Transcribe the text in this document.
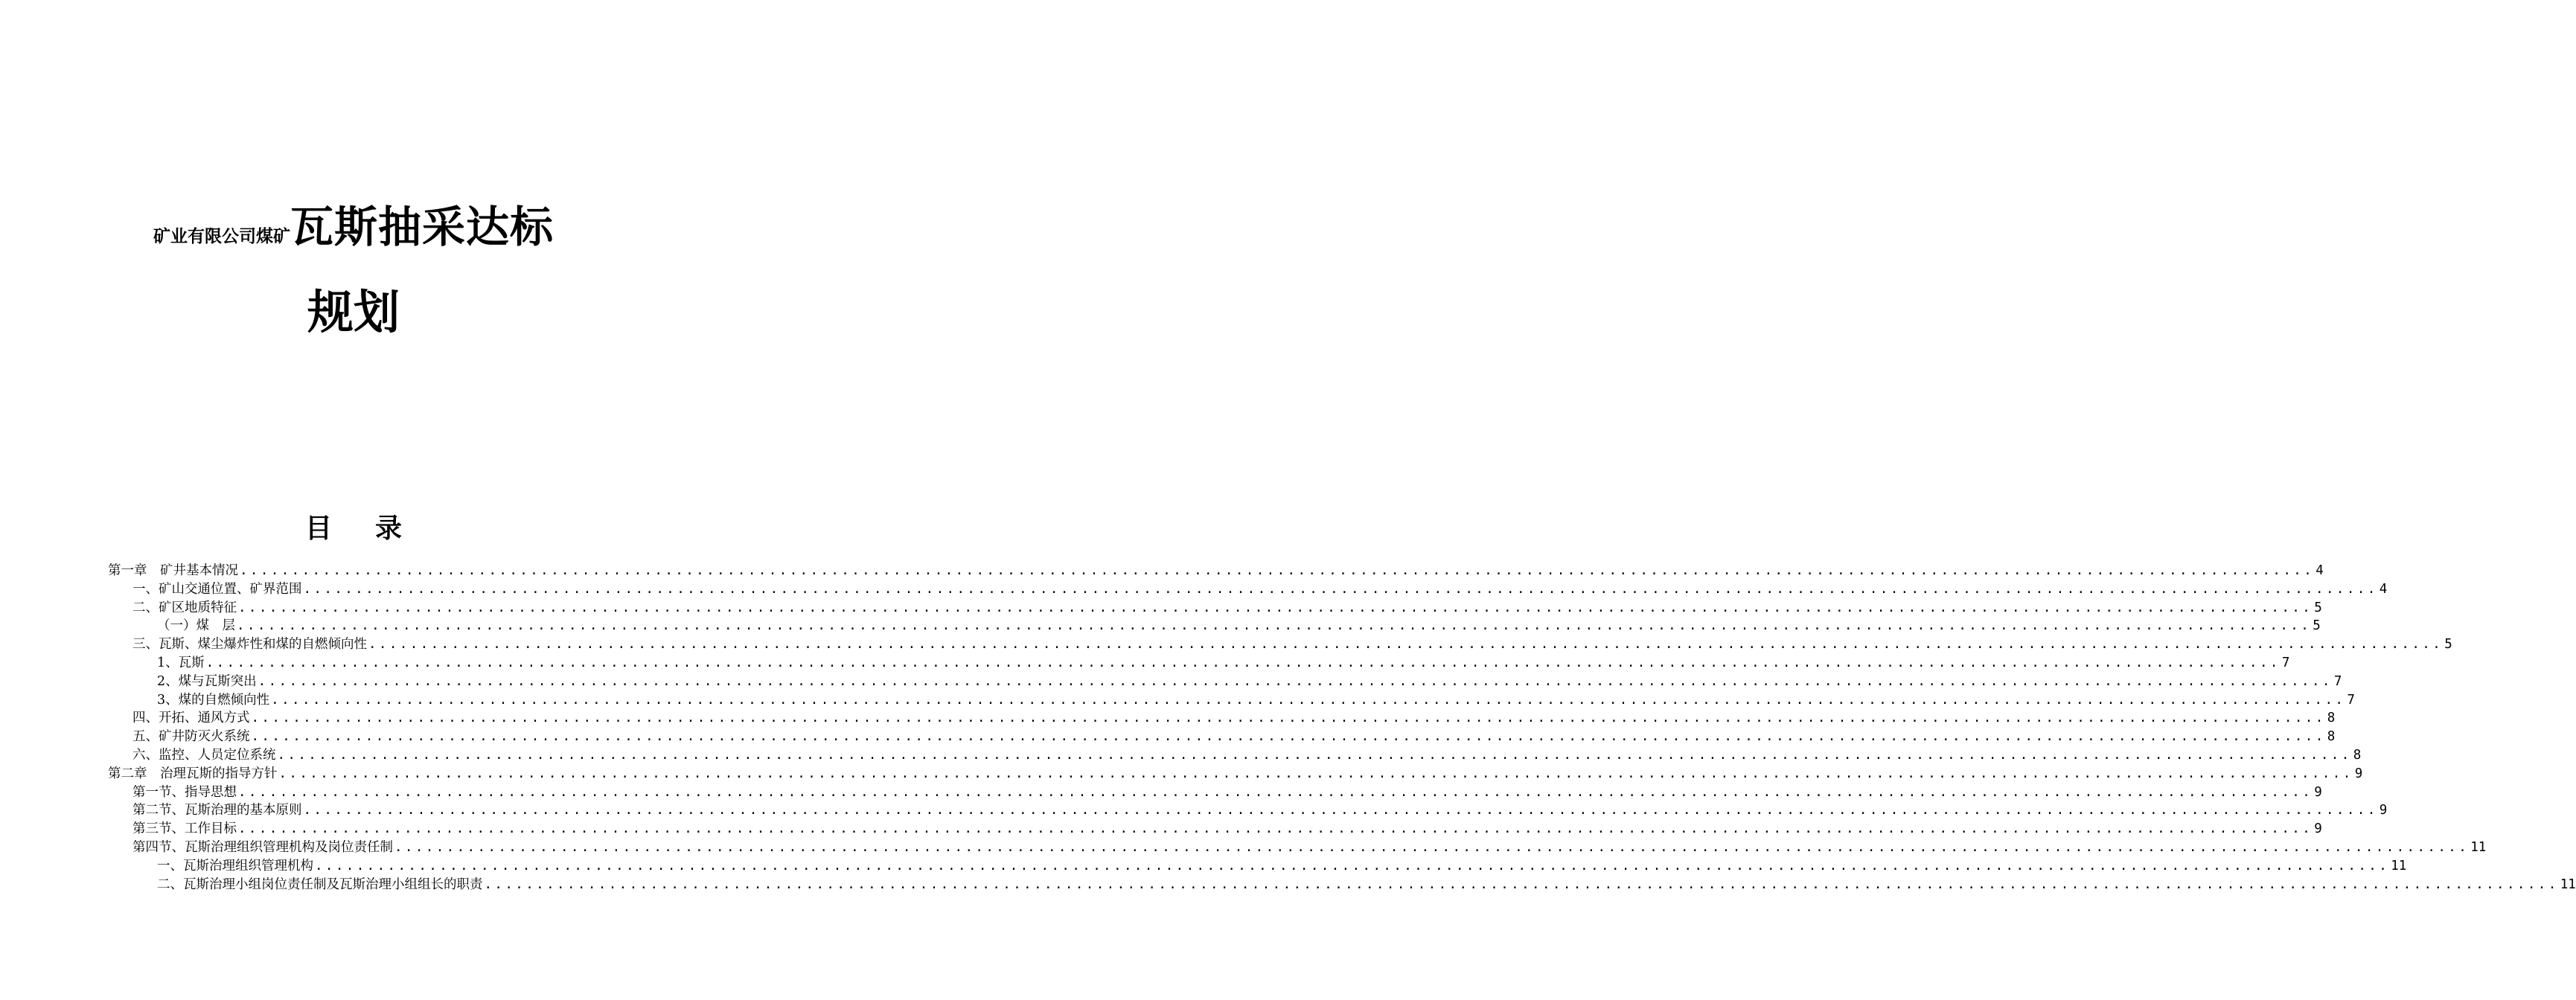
矿业有限公司煤矿瓦斯抽采达标
规划
目录
第一章　矿井基本情况 ........................................................................................................................................................................................................ 4
一、矿山交通位置、矿界范围 ........................................................................................................................................................................................................ 4
二、矿区地质特征 ........................................................................................................................................................................................................ 5
（一）煤　层 ........................................................................................................................................................................................................ 5
三、瓦斯、煤尘爆炸性和煤的自燃倾向性 ........................................................................................................................................................................................................ 5
1、瓦斯 ........................................................................................................................................................................................................ 7
2、煤与瓦斯突出 ........................................................................................................................................................................................................ 7
3、煤的自燃倾向性 ........................................................................................................................................................................................................ 7
四、开拓、通风方式 ........................................................................................................................................................................................................ 8
五、矿井防灭火系统 ........................................................................................................................................................................................................ 8
六、监控、人员定位系统 ........................................................................................................................................................................................................ 8
第二章　治理瓦斯的指导方针 ........................................................................................................................................................................................................ 9
第一节、指导思想 ........................................................................................................................................................................................................ 9
第二节、瓦斯治理的基本原则 ........................................................................................................................................................................................................ 9
第三节、工作目标 ........................................................................................................................................................................................................ 9
第四节、瓦斯治理组织管理机构及岗位责任制 ........................................................................................................................................................................................................ 11
一、瓦斯治理组织管理机构 ........................................................................................................................................................................................................ 11
二、瓦斯治理小组岗位责任制及瓦斯治理小组组长的职责 ........................................................................................................................................................................................................ 11
